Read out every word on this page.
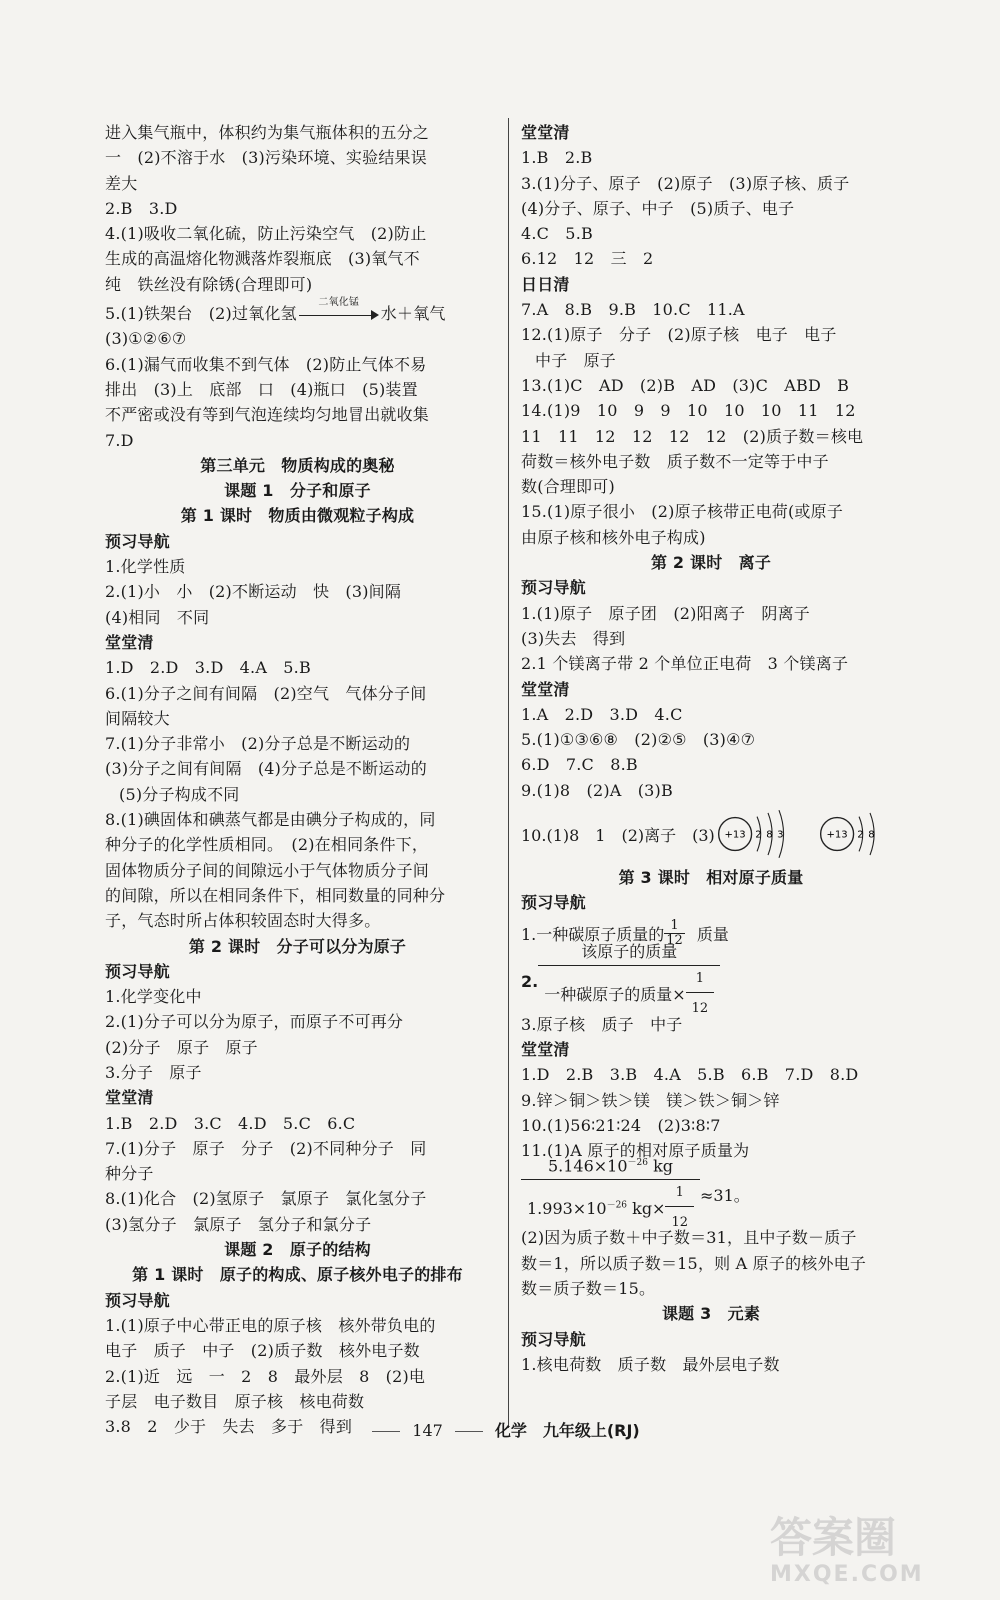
进入集气瓶中，体积约为集气瓶体积的五分之
一　(2)不溶于水　(3)污染环境、实验结果误
差大
2.B　3.D
4.(1)吸收二氧化硫，防止污染空气　(2)防止
生成的高温熔化物溅落炸裂瓶底　(3)氧气不
纯　铁丝没有除锈(合理即可)
5.(1)铁架台　(2)过氧化氢
二氧化锰
水＋氧气
(3)①②⑥⑦
6.(1)漏气而收集不到气体　(2)防止气体不易
排出　(3)上　底部　口　(4)瓶口　(5)装置
不严密或没有等到气泡连续均匀地冒出就收集
7.D
第三单元　物质构成的奥秘
课题 1　分子和原子
第 1 课时　物质由微观粒子构成
预习导航
1.化学性质
2.(1)小　小　(2)不断运动　快　(3)间隔
(4)相同　不同
堂堂清
1.D　2.D　3.D　4.A　5.B
6.(1)分子之间有间隔　(2)空气　气体分子间
间隔较大
7.(1)分子非常小　(2)分子总是不断运动的
(3)分子之间有间隔　(4)分子总是不断运动的
(5)分子构成不同
8.(1)碘固体和碘蒸气都是由碘分子构成的，同
种分子的化学性质相同。　(2)在相同条件下，
固体物质分子间的间隙远小于气体物质分子间
的间隙，所以在相同条件下，相同数量的同种分
子，气态时所占体积较固态时大得多。
第 2 课时　分子可以分为原子
预习导航
1.化学变化中
2.(1)分子可以分为原子，而原子不可再分
(2)分子　原子　原子
3.分子　原子
堂堂清
1.B　2.D　3.C　4.D　5.C　6.C
7.(1)分子　原子　分子　(2)不同种分子　同
种分子
8.(1)化合　(2)氢原子　氯原子　氯化氢分子
(3)氢分子　氯原子　氢分子和氯分子
课题 2　原子的结构
第 1 课时　原子的构成、原子核外电子的排布
预习导航
1.(1)原子中心带正电的原子核　核外带负电的
电子　质子　中子　(2)质子数　核外电子数
2.(1)近　远　一　2　8　最外层　8　(2)电
子层　电子数目　原子核　核电荷数
3.8　2　少于　失去　多于　得到
堂堂清
1.B　2.B
3.(1)分子、原子　(2)原子　(3)原子核、质子
(4)分子、原子、中子　(5)质子、电子
4.C　5.B
6.12　12　三　2
日日清
7.A　8.B　9.B　10.C　11.A
12.(1)原子　分子　(2)原子核　电子　电子
中子　原子
13.(1)C　AD　(2)B　AD　(3)C　ABD　B
14.(1)9　10　9　9　10　10　10　11　12
11　11　12　12　12　12　(2)质子数＝核电
荷数＝核外电子数　质子数不一定等于中子
数(合理即可)
15.(1)原子很小　(2)原子核带正电荷(或原子
由原子核和核外电子构成)
第 2 课时　离子
预习导航
1.(1)原子　原子团　(2)阳离子　阴离子
(3)失去　得到
2.1 个镁离子带 2 个单位正电荷　3 个镁离子
堂堂清
1.A　2.D　3.D　4.C
5.(1)①③⑥⑧　(2)②⑤　(3)④⑦
6.D　7.C　8.B
9.(1)8　(2)A　(3)B
10.(1)8　1　(2)离子　(3) +13 2 8 3	+13 2 8
第 3 课时　相对原子质量
预习导航
1.一种碳原子质量的 $\frac{1}{12}$ 质量
2.
该原子的质量
一种碳原子的质量× $\frac{1}{12}$
3.原子核　质子　中子
堂堂清
1.D　2.B　3.B　4.A　5.B　6.B　7.D　8.D
9.锌＞铜＞铁＞镁　镁＞铁＞铜＞锌
10.(1)56∶21∶24　(2)3∶8∶7
11.(1)A 原子的相对原子质量为
$\frac{5.146\times 10^{-26} kg}{1.993\times 10^{-26} kg\times \frac{1}{12}} \approx 31$。
(2)因为质子数＋中子数＝31，且中子数－质子
数＝1，所以质子数＝15，则 A 原子的核外电子
数＝质子数＝15。
课题 3　元素
预习导航
1.核电荷数　质子数　最外层电子数
147	化学　九年级上(RJ)
答案圈
MXQE.COM
